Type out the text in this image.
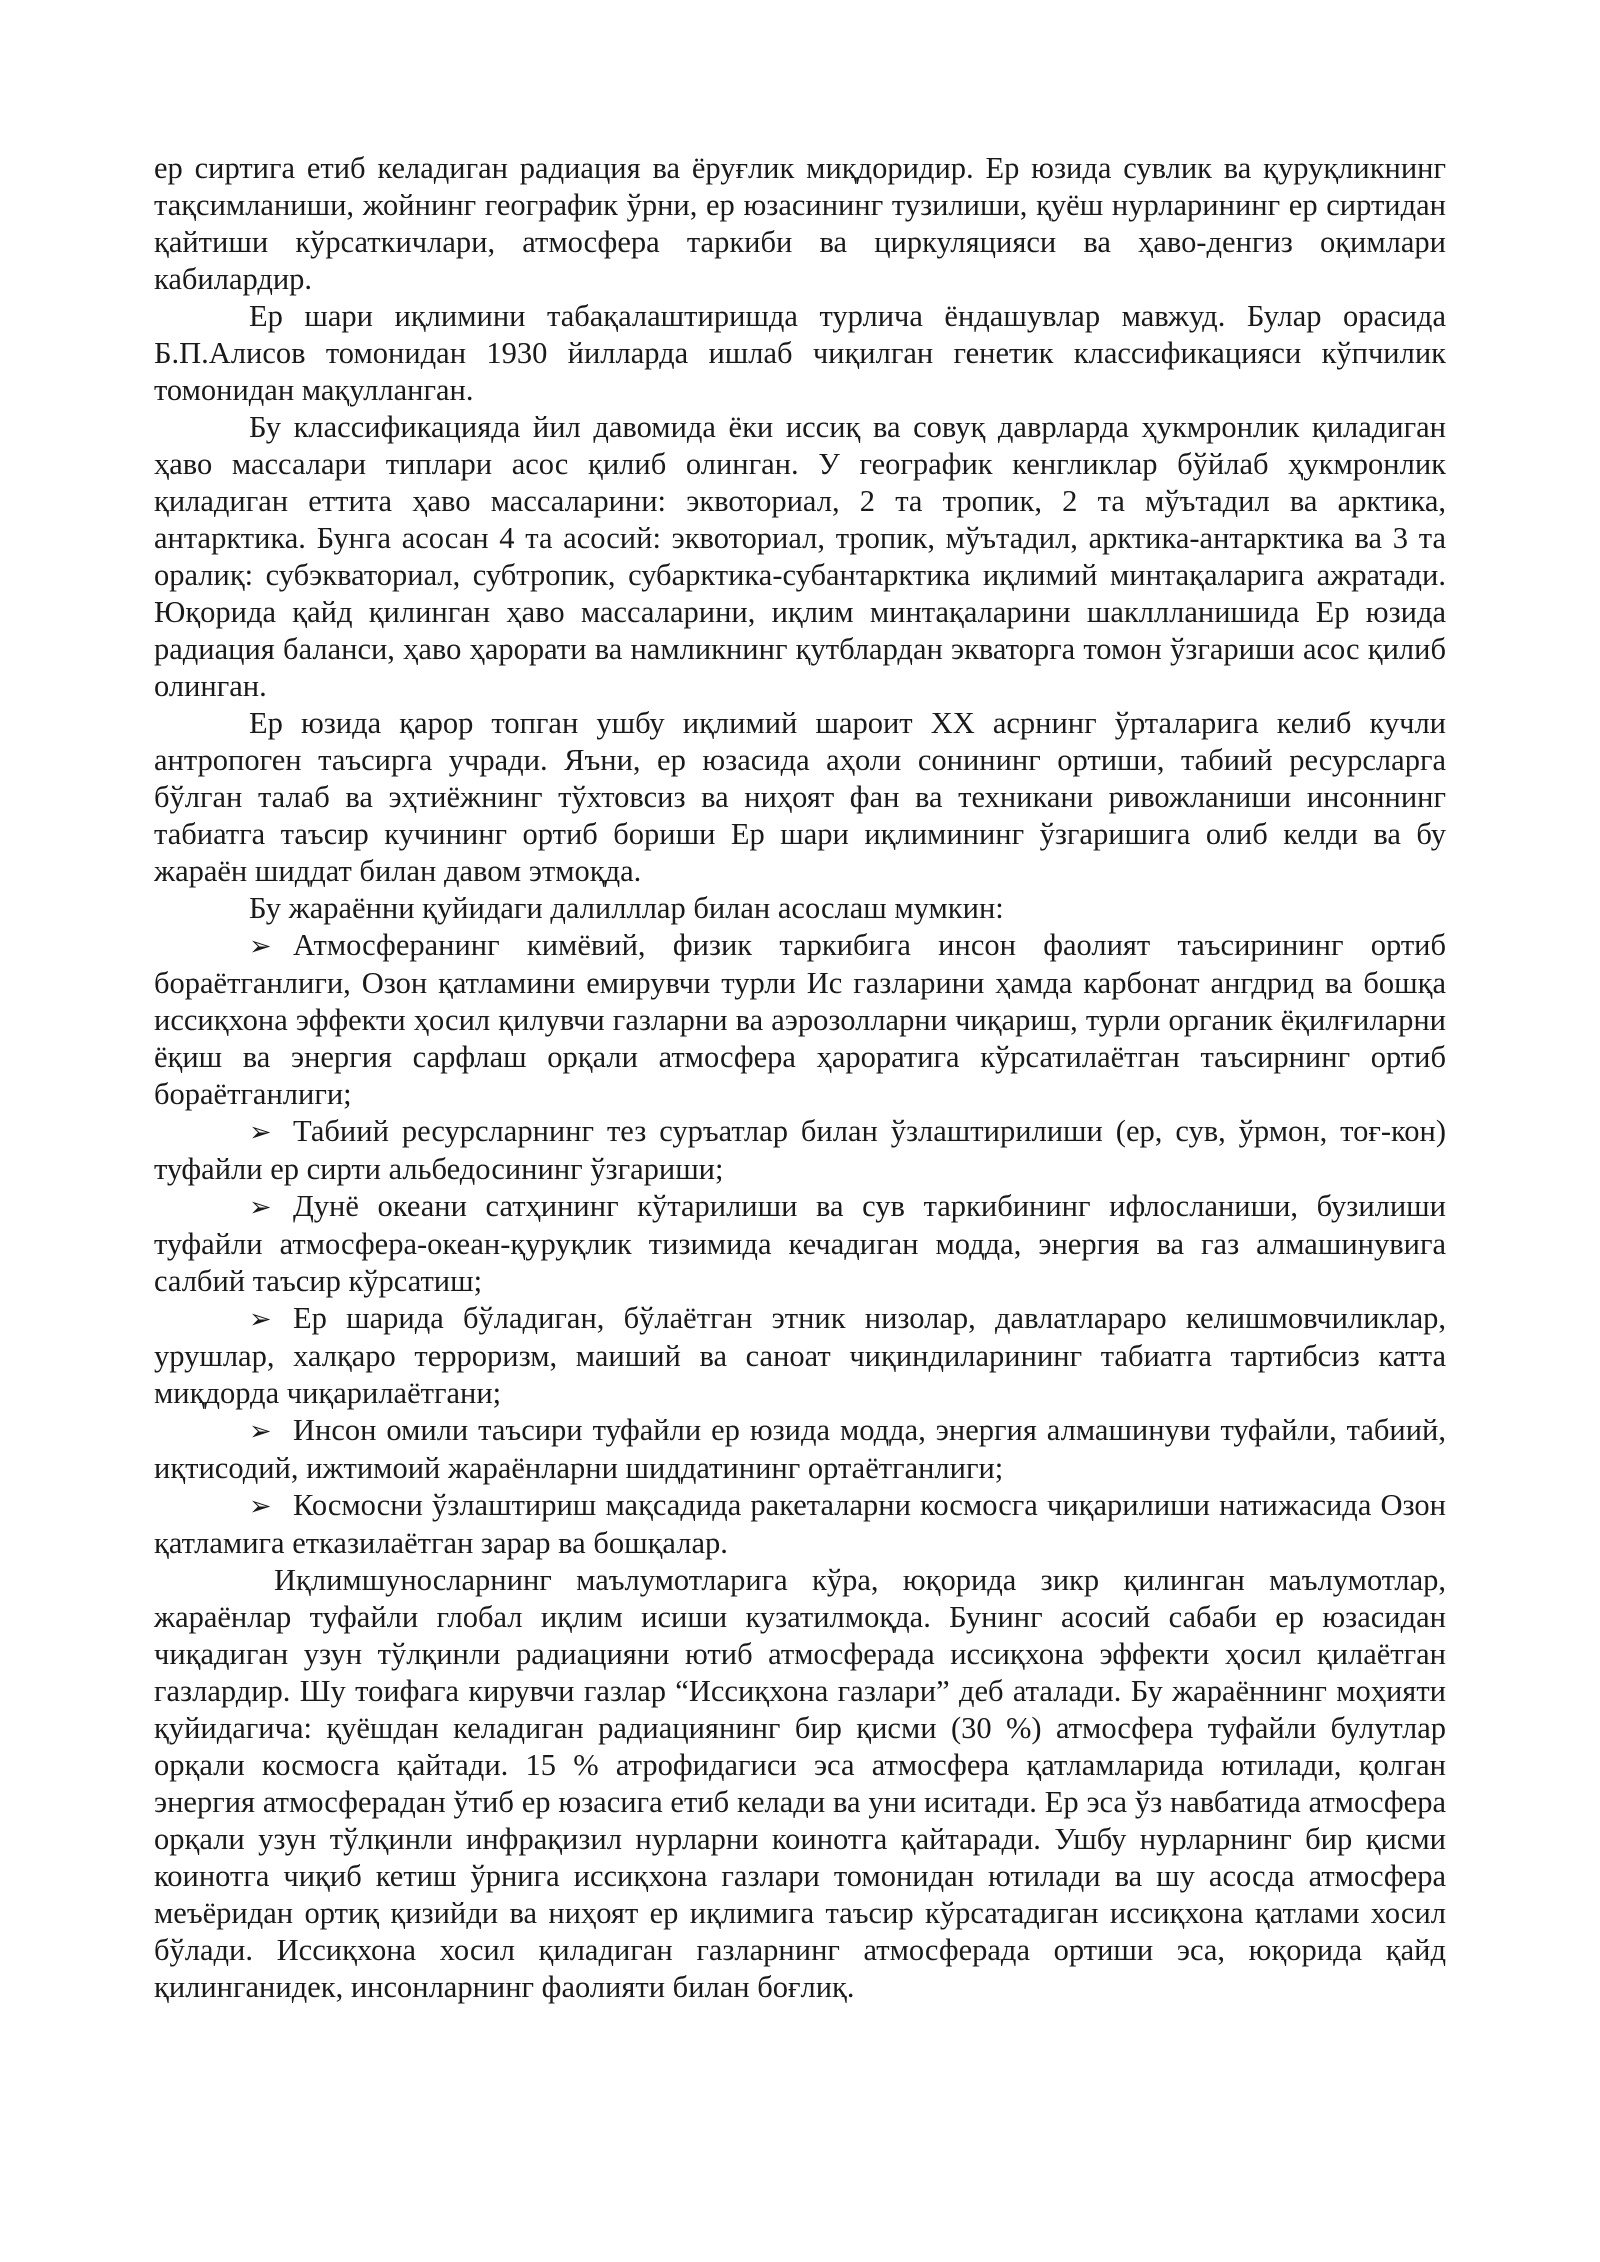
ер сиртига етиб келадиган радиация ва ёруғлик миқдоридир. Ер юзида сувлик ва қуруқликнинг тақсимланиши, жойнинг географик ўрни, ер юзасининг тузилиши, қуёш нурларининг ер сиртидан қайтиши кўрсаткичлари, атмосфера таркиби ва циркуляцияси ва ҳаво-денгиз оқимлари кабилардир.

Ер шари иқлимини табақалаштиришда турлича ёндашувлар мавжуд. Булар орасида Б.П.Алисов томонидан 1930 йилларда ишлаб чиқилган генетик классификацияси кўпчилик томонидан мақулланган.

Бу классификацияда йил давомида ёки иссиқ ва совуқ даврларда ҳукмронлик қиладиган ҳаво массалари типлари асос қилиб олинган. У географик кенгликлар бўйлаб ҳукмронлик қиладиган еттита ҳаво массаларини: эквоториал, 2 та тропик, 2 та мўътадил ва арктика, антарктика. Бунга асосан 4 та асосий: эквоториал, тропик, мўътадил, арктика-антарктика ва 3 та оралиқ: субэкваториал, субтропик, субарктика-субантарктика иқлимий минтақаларига ажратади. Юқорида қайд қилинган ҳаво массаларини, иқлим минтақаларини шакллланишида Ер юзида радиация баланси, ҳаво ҳарорати ва намликнинг қутблардан экваторга томон ўзгариши асос қилиб олинган.

Ер юзида қарор топган ушбу иқлимий шароит XX асрнинг ўрталарига келиб кучли антропоген таъсирга учради. Яъни, ер юзасида аҳоли сонининг ортиши, табиий ресурсларга бўлган талаб ва эҳтиёжнинг тўхтовсиз ва ниҳоят фан ва техникани ривожланиши инсоннинг табиатга таъсир кучининг ортиб бориши Ер шари иқлимининг ўзгаришига олиб келди ва бу жараён шиддат билан давом этмоқда.

Бу жараённи қуйидаги далилллар билан асослаш мумкин:

➢ Атмосферанинг кимёвий, физик таркибига инсон фаолият таъсирининг ортиб бораётганлиги, Озон қатламини емирувчи турли Ис газларини ҳамда карбонат ангдрид ва бошқа иссиқхона эффекти ҳосил қилувчи газларни ва аэрозолларни чиқариш, турли органик ёқилғиларни ёқиш ва энергия сарфлаш орқали атмосфера ҳароратига кўрсатилаётган таъсирнинг ортиб бораётганлиги;

➢ Табиий ресурсларнинг тез суръатлар билан ўзлаштирилиши (ер, сув, ўрмон, тоғ-кон) туфайли ер сирти альбедосининг ўзгариши;

➢ Дунё океани сатҳининг кўтарилиши ва сув таркибининг ифлосланиши, бузилиши туфайли атмосфера-океан-қуруқлик тизимида кечадиган модда, энергия ва газ алмашинувига салбий таъсир кўрсатиш;

➢ Ер шарида бўладиган, бўлаётган этник низолар, давлатлараро келишмовчиликлар, урушлар, халқаро терроризм, маиший ва саноат чиқиндиларининг табиатга тартибсиз катта миқдорда чиқарилаётгани;

➢ Инсон омили таъсири туфайли ер юзида модда, энергия алмашинуви туфайли, табиий, иқтисодий, ижтимоий жараёнларни шиддатининг ортаётганлиги;

➢ Космосни ўзлаштириш мақсадида ракеталарни космосга чиқарилиши натижасида Озон қатламига етказилаётган зарар ва бошқалар.

Иқлимшуносларнинг маълумотларига кўра, юқорида зикр қилинган маълумотлар, жараёнлар туфайли глобал иқлим исиши кузатилмоқда. Бунинг асосий сабаби ер юзасидан чиқадиган узун тўлқинли радиацияни ютиб атмосферада иссиқхона эффекти ҳосил қилаётган газлардир. Шу тоифага кирувчи газлар “Иссиқхона газлари” деб аталади. Бу жараённинг моҳияти қуйидагича: қуёшдан келадиган радиациянинг бир қисми (30 %) атмосфера туфайли булутлар орқали космосга қайтади. 15 % атрофидагиси эса атмосфера қатламларида ютилади, қолган энергия атмосферадан ўтиб ер юзасига етиб келади ва уни иситади. Ер эса ўз навбатида атмосфера орқали узун тўлқинли инфрақизил нурларни коинотга қайтаради. Ушбу нурларнинг бир қисми коинотга чиқиб кетиш ўрнига иссиқхона газлари томонидан ютилади ва шу асосда атмосфера меъёридан ортиқ қизийди ва ниҳоят ер иқлимига таъсир кўрсатадиган иссиқхона қатлами хосил бўлади. Иссиқхона хосил қиладиган газларнинг атмосферада ортиши эса, юқорида қайд қилинганидек, инсонларнинг фаолияти билан боғлиқ.
